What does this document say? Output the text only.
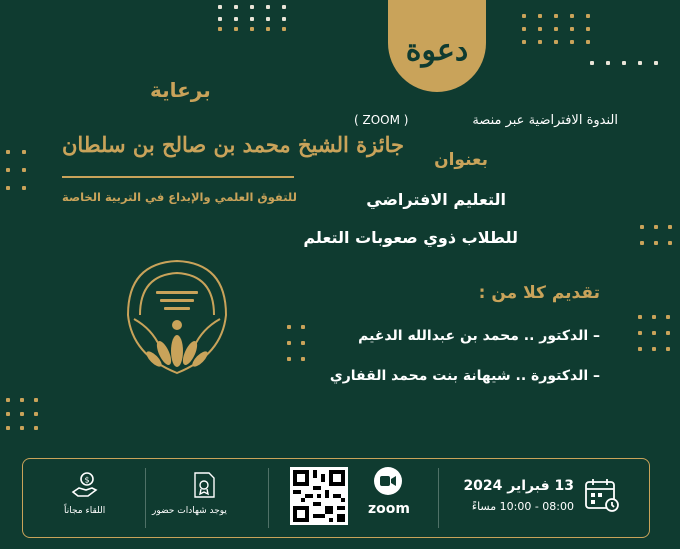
دعوة
برعاية
جائزة الشيخ محمد بن صالح بن سلطان
للتفوق العلمي والإبداع في التربية الخاصة
الندوة الافتراضية عبر منصة
( ZOOM )
بعنوان
التعليم الافتراضي
للطلاب ذوي صعوبات التعلم
تقديم كلا من :
– الدكتور .. محمد بن عبدالله الدغيم
– الدكتورة .. شيهانة بنت محمد القفاري
$
اللقاء مجاناً	يوجد شهادات حضور	zoom
13 فبراير 2024
08:00 - 10:00 مساءً
